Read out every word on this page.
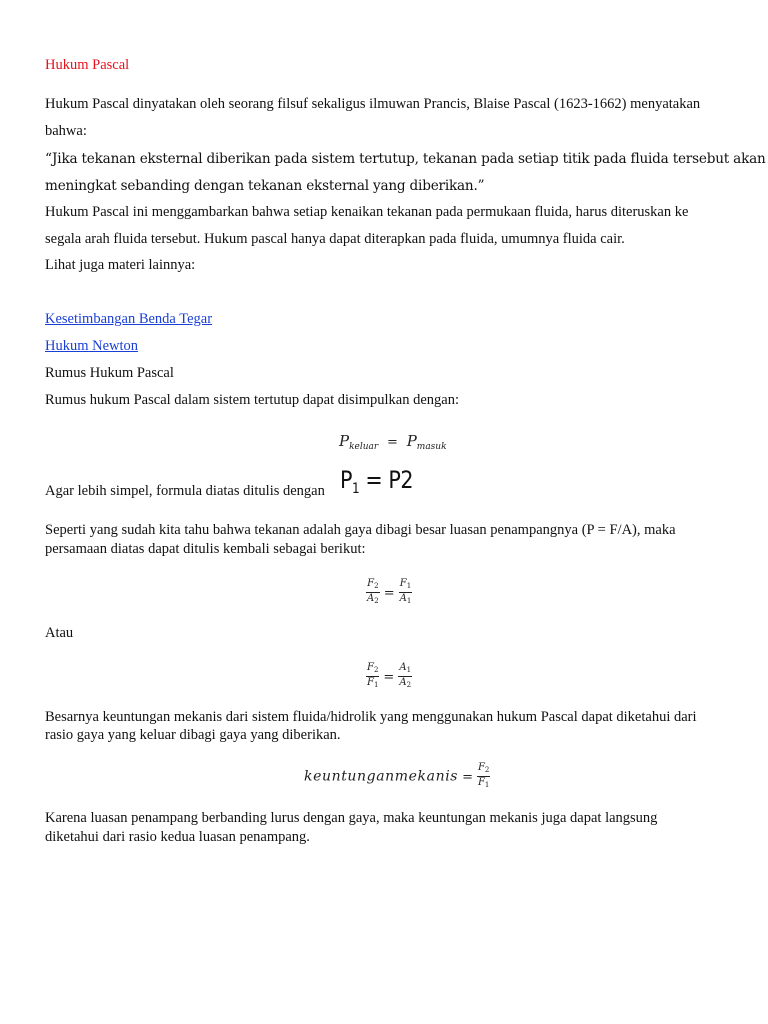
Hukum Pascal
Hukum Pascal dinyatakan oleh seorang filsuf sekaligus ilmuwan Prancis, Blaise Pascal (1623-1662) menyatakan
bahwa:
“Jika tekanan eksternal diberikan pada sistem tertutup, tekanan pada setiap titik pada fluida tersebut akan
meningkat sebanding dengan tekanan eksternal yang diberikan.”
Hukum Pascal ini menggambarkan bahwa setiap kenaikan tekanan pada permukaan fluida, harus diteruskan ke
segala arah fluida tersebut. Hukum pascal hanya dapat diterapkan pada fluida, umumnya fluida cair.
Lihat juga materi lainnya:
Kesetimbangan Benda Tegar
Hukum Newton
Rumus Hukum Pascal
Rumus hukum Pascal dalam sistem tertutup dapat disimpulkan dengan:
$P_{keluar} = P_{masuk}$
Agar lebih simpel, formula diatas ditulis dengan $P_1 = P2$
Seperti yang sudah kita tahu bahwa tekanan adalah gaya dibagi besar luasan penampangnya (P = F/A), maka
persamaan diatas dapat ditulis kembali sebagai berikut:
$\frac{F_2}{A_2} = \frac{F_1}{A_1}$
Atau
$\frac{F_2}{F_1} = \frac{A_1}{A_2}$
Besarnya keuntungan mekanis dari sistem fluida/hidrolik yang menggunakan hukum Pascal dapat diketahui dari
rasio gaya yang keluar dibagi gaya yang diberikan.
keuntunganmekanis = $\frac{F_2}{F_1}$
Karena luasan penampang berbanding lurus dengan gaya, maka keuntungan mekanis juga dapat langsung
diketahui dari rasio kedua luasan penampang.
